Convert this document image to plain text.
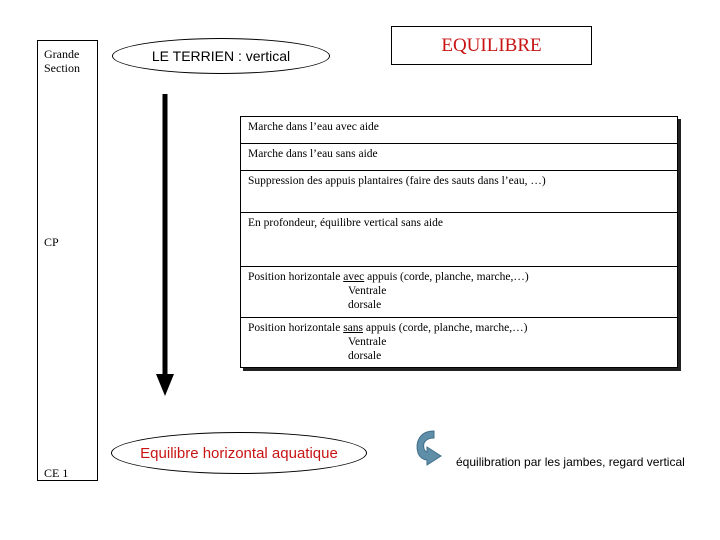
Grande
Section
CP
CE 1
LE TERRIEN : vertical
EQUILIBRE
Marche dans l’eau avec aide
Marche dans l’eau sans aide
Suppression des appuis plantaires (faire des sauts dans l’eau, …)
En profondeur, équilibre vertical sans aide
Position horizontale avec appuis (corde, planche, marche,…)
Ventrale
dorsale
Position horizontale sans appuis (corde, planche, marche,…)
Ventrale
dorsale
Equilibre horizontal aquatique
équilibration par les jambes, regard vertical
